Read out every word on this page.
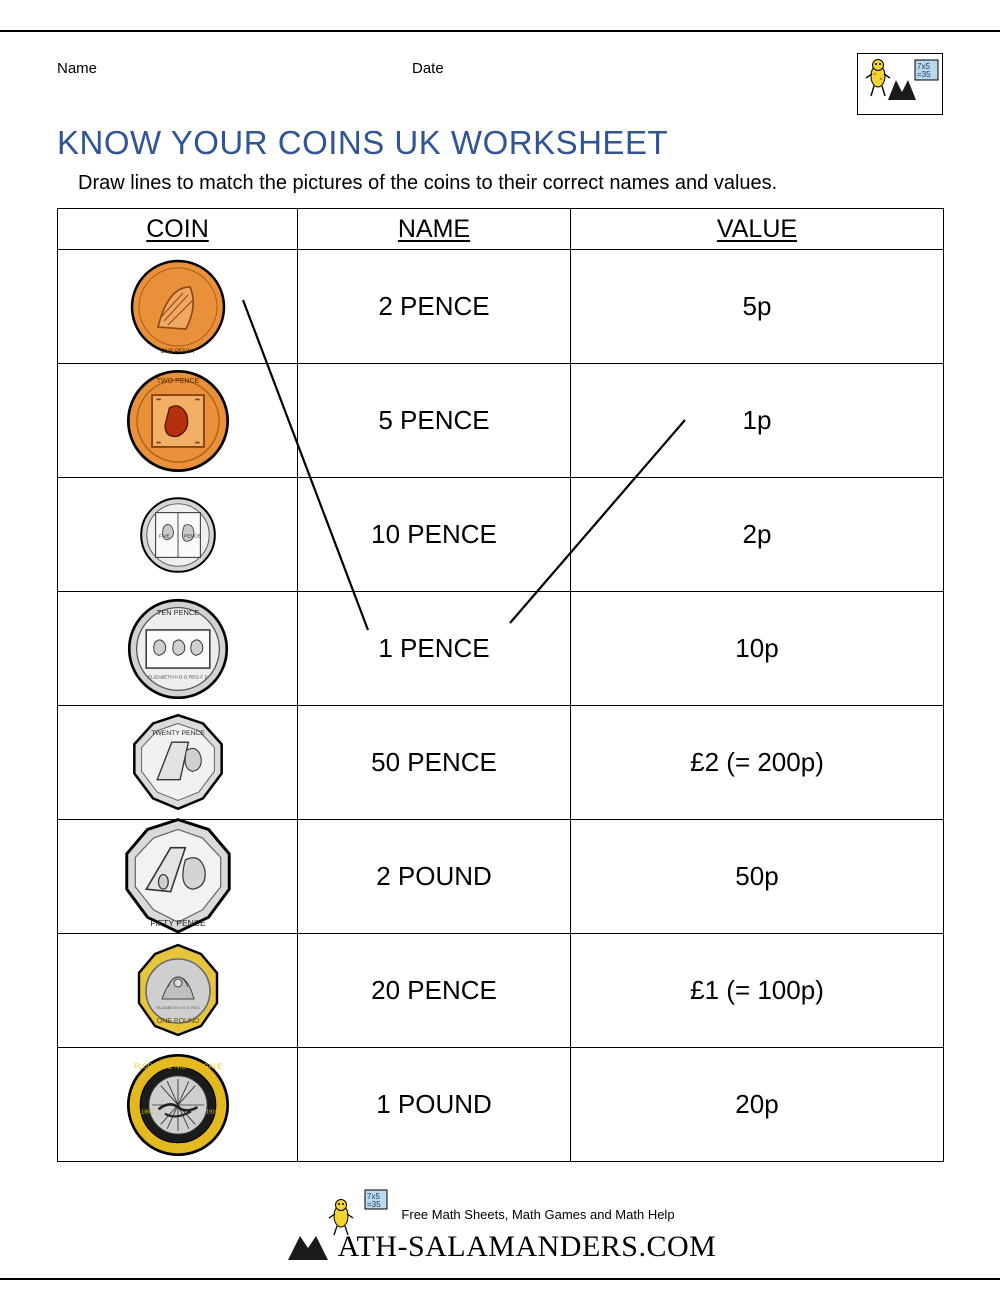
Name	Date	7x5
=35
KNOW YOUR COINS UK WORKSHEET
Draw lines to match the pictures of the coins to their correct names and values.
COIN	NAME	VALUE

ONE PENNY	2 PENCE	5p

TWO PENCE	5 PENCE	1p

FIVE PENCE	10 PENCE	2p

TEN PENCE
ELIZABETH II D G REG F D	1 PENCE	10p

TWENTY PENCE	50 PENCE	£2 (= 200p)

FIFTY PENCE	2 POUND	50p

ONE POUND
ELIZABETH II D G REG	20 PENCE	£1 (= 100p)

FLORENCE NIGHTINGALE
TWO POUNDS
1860 1910	1 POUND	20p
7x5
=35
Free Math Sheets, Math Games and Math Help
ATH-SALAMANDERS.COM
